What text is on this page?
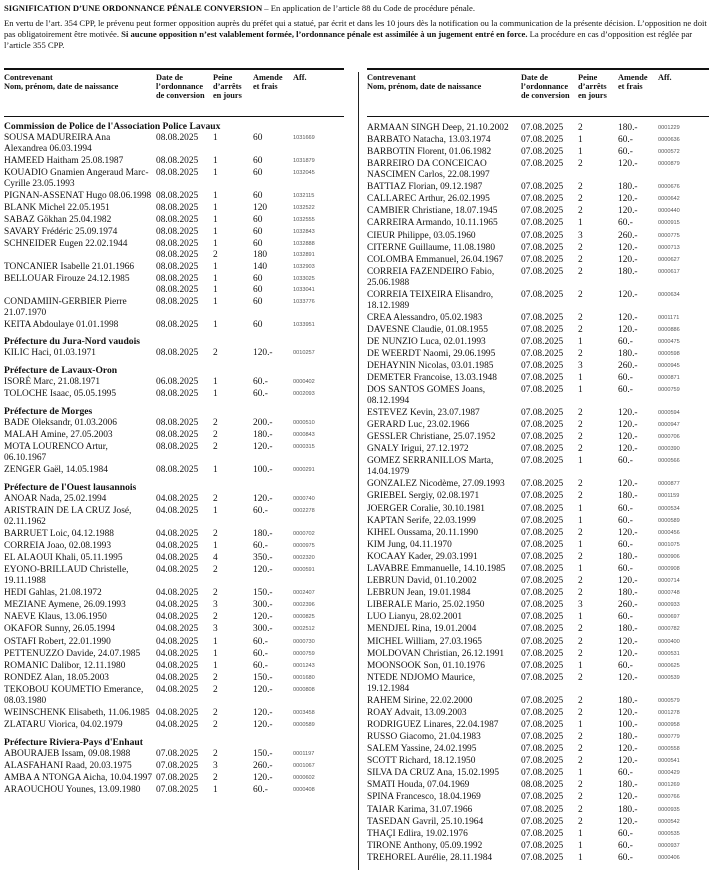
SIGNIFICATION D’UNE ORDONNANCE PÉNALE CONVERSION – En application de l’article 88 du Code de procédure pénale.

En vertu de l’art. 354 CPP, le prévenu peut former opposition auprès du préfet qui a statué, par écrit et dans les 10 jours dès la notification ou la communication de la présente décision. L’opposition ne doit pas obligatoirement être motivée. Si aucune opposition n’est valablement formée, l’ordonnance pénale est assimilée à un jugement entré en force. La procédure en cas d’opposition est réglée par l’article 355 CPP.

Contrevenant
Nom, prénom, date de naissance
Date de
l’ordonnance
de conversion
Peine
d’arrêts
en jours
Amende
et frais
Aff.
Commission de Police de l'Association Police Lavaux
SOUSA MADUREIRA Ana Alexandrea 06.03.1994
08.08.2025	1	60	1031669
HAMEED Haitham 25.08.1987	08.08.2025	1	60	1031879
KOUADIO Gnamien Angeraud Marc-Cyrille 23.05.1993
08.08.2025	1	60	1032045
PIGNAN-ASSENAT Hugo 08.06.1998 08.08.2025	1	60	1032115
BLANK Michel 22.05.1951	08.08.2025	1	120	1032522
SABAZ Gökhan 25.04.1982	08.08.2025	1	60	1032555
SAVARY Frédéric 25.09.1974	08.08.2025	1	60	1032843
SCHNEIDER Eugen 22.02.1944	08.08.2025	1	60	1032888
08.08.2025	2	180	1032891
TONCANIER Isabelle 21.01.1966	08.08.2025	1	140	1032903
BELLOUAR Firouze 24.12.1985	08.08.2025	1	60	1033025
08.08.2025	1	60	1033041
CONDAMIIN-GERBIER Pierre 21.07.1970
08.08.2025	1	60	1033776
KEITA Abdoulaye 01.01.1998	08.08.2025	1	60	1033951
Préfecture du Jura-Nord vaudois
KILIC Haci, 01.03.1971	08.08.2025	2	120.-	0010257
Préfecture de Lavaux-Oron
ISORÉ Marc, 21.08.1971	06.08.2025	1	60.-	0000402
TOLOCHE Isaac, 05.05.1995	08.08.2025	1	60.-	0002093
Préfecture de Morges
BADE Oleksandr, 01.03.2006	08.08.2025	2	200.-	0000510
MALAH Amine, 27.05.2003	08.08.2025	2	180.-	0000843
MOTA LOURENCO Artur, 06.10.1967
08.08.2025	2	120.-	0000315
ZENGER Gaël, 14.05.1984	08.08.2025	1	100.-	0000291
Préfecture de l'Ouest lausannois
ANOAR Nada, 25.02.1994	04.08.2025	2	120.-	0000740
ARISTRAIN DE LA CRUZ José, 02.11.1962
04.08.2025	1	60.-	0002278
BARRUET Loic, 04.12.1988	04.08.2025	2	180.-	0000702
CORREIA Joao, 02.08.1993	04.08.2025	1	60.-	0000975
EL ALAOUI Khali, 05.11.1995	04.08.2025	4	350.-	0002320
EYONO-BRILLAUD Christelle, 19.11.1988
04.08.2025	2	120.-	0000591
HEDI Gahlas, 21.08.1972	04.08.2025	2	150.-	0002407
MEZIANE Aymene, 26.09.1993	04.08.2025	3	300.-	0002396
NAEVE Klaus, 13.06.1950	04.08.2025	2	120.-	0000825
OKAFOR Sunny, 26.05.1994	04.08.2025	3	300.-	0002512
OSTAFI Robert, 22.01.1990	04.08.2025	1	60.-	0000730
PETTENUZZO Davide, 24.07.1985	04.08.2025	1	60.-	0000759
ROMANIC Dalibor, 12.11.1980	04.08.2025	1	60.-	0001243
RONDEZ Alan, 18.05.2003	04.08.2025	2	150.-	0001680
TEKOBOU KOUMETIO Emerance, 08.03.1980
04.08.2025	2	120.-	0000808
WEINSCHENK Elisabeth, 11.06.1985 04.08.2025	2	120.-	0003458
ZLATARU Viorica, 04.02.1979	04.08.2025	2	120.-	0000589
Préfecture Riviera-Pays d'Enhaut
ABOURAJEB Issam, 09.08.1988	07.08.2025	2	150.-	0001197
ALASFAHANI Raad, 20.03.1975	07.08.2025	3	260.-	0001067
AMBA A NTONGA Aicha, 10.04.1997 07.08.2025	2	120.-	0000602
ARAOUCHOU Younes, 13.09.1980	07.08.2025	1	60.-	0000408
Contrevenant
Nom, prénom, date de naissance
Date de
l’ordonnance
de conversion
Peine
d’arrêts
en jours
Amende
et frais
Aff.
ARMAAN SINGH Deep, 21.10.2002	07.08.2025	2	180.-	0001229
BARBATO Natacha, 13.03.1974	07.08.2025	1	60.-	0000636
BARBOTIN Florent, 01.06.1982	07.08.2025	1	60.-	0000572
BARREIRO DA CONCEICAO NASCIMEN Carlos, 22.08.1997
07.08.2025	2	120.-	0000879
BATTIAZ Florian, 09.12.1987	07.08.2025	2	180.-	0000676
CALLAREC Arthur, 26.02.1995	07.08.2025	2	120.-	0000642
CAMBIER Christiane, 18.07.1945	07.08.2025	2	120.-	0000440
CARREIRA Armando, 10.11.1965	07.08.2025	1	60.-	0000915
CIEUR Philippe, 03.05.1960	07.08.2025	3	260.-	0000775
CITERNE Guillaume, 11.08.1980	07.08.2025	2	120.-	0000713
COLOMBA Emmanuel, 26.04.1967	07.08.2025	2	120.-	0000627
CORREIA FAZENDEIRO Fabio, 25.06.1988
07.08.2025	2	180.-	0000617
CORREIA TEIXEIRA Elisandro, 18.12.1989
07.08.2025	2	120.-	0000634
CREA Alessandro, 05.02.1983	07.08.2025	2	120.-	0001171
DAVESNE Claudie, 01.08.1955	07.08.2025	2	120.-	0000886
DE NUNZIO Luca, 02.01.1993	07.08.2025	1	60.-	0000475
DE WEERDT Naomi, 29.06.1995	07.08.2025	2	180.-	0000598
DEHAYNIN Nicolas, 03.01.1985	07.08.2025	3	260.-	0000945
DEMETER Francoise, 13.03.1948	07.08.2025	1	60.-	0000871
DOS SANTOS GOMES Joans, 08.12.1994
07.08.2025	1	60.-	0000759
ESTEVEZ Kevin, 23.07.1987	07.08.2025	2	120.-	0000594
GERARD Luc, 23.02.1966	07.08.2025	2	120.-	0000947
GESSLER Christiane, 25.07.1952	07.08.2025	2	120.-	0000706
GNALY Irigui, 27.12.1972	07.08.2025	2	120.-	0000390
GOMEZ SERRANILLOS Marta, 14.04.1979
07.08.2025	1	60.-	0000566
GONZALEZ Nicodème, 27.09.1993	07.08.2025	2	120.-	0000877
GRIEBEL Sergiy, 02.08.1971	07.08.2025	2	180.-	0001159
JOERGER Coralie, 30.10.1981	07.08.2025	1	60.-	0000534
KAPTAN Serife, 22.03.1999	07.08.2025	1	60.-	0000589
KIHEL Oussama, 20.11.1990	07.08.2025	2	120.-	0000456
KIM Jung, 04.11.1970	07.08.2025	1	60.-	0001075
KOCAAY Kader, 29.03.1991	07.08.2025	2	180.-	0000906
LAVABRE Emmanuelle, 14.10.1985	07.08.2025	1	60.-	0000908
LEBRUN David, 01.10.2002	07.08.2025	2	120.-	0000714
LEBRUN Jean, 19.01.1984	07.08.2025	2	180.-	0000748
LIBERALE Mario, 25.02.1950	07.08.2025	3	260.-	0000933
LUO Lianyu, 28.02.2001	07.08.2025	1	60.-	0000697
MENDJEL Rina, 19.01.2004	07.08.2025	2	180.-	0000782
MICHEL William, 27.03.1965	07.08.2025	2	120.-	0000400
MOLDOVAN Christian, 26.12.1991	07.08.2025	2	120.-	0000531
MOONSOOK Son, 01.10.1976	07.08.2025	1	60.-	0000625
NTEDE NDJOMO Maurice, 19.12.1984
07.08.2025	2	120.-	0000539
RAHEM Sirine, 22.02.2000	07.08.2025	2	180.-	0000579
ROAY Advait, 13.09.2003	07.08.2025	2	120.-	0001278
RODRIGUEZ Linares, 22.04.1987	07.08.2025	1	100.-	0000958
RUSSO Giacomo, 21.04.1983	07.08.2025	2	180.-	0000779
SALEM Yassine, 24.02.1995	07.08.2025	2	120.-	0000558
SCOTT Richard, 18.12.1950	07.08.2025	2	120.-	0000541
SILVA DA CRUZ Ana, 15.02.1995	07.08.2025	1	60.-	0000429
SMATI Houda, 07.04.1969	08.08.2025	2	180.-	0001269
SPINA Francesco, 18.04.1969	07.08.2025	2	120.-	0000766
TAIAR Karima, 31.07.1966	07.08.2025	2	180.-	0000935
TASEDAN Gavril, 25.10.1964	07.08.2025	2	120.-	0000542
THAÇI Edlira, 19.02.1976	07.08.2025	1	60.-	0000535
TIRONE Anthony, 05.09.1992	07.08.2025	1	60.-	0000937
TREHOREL Aurélie, 28.11.1984	07.08.2025	1	60.-	0000406
